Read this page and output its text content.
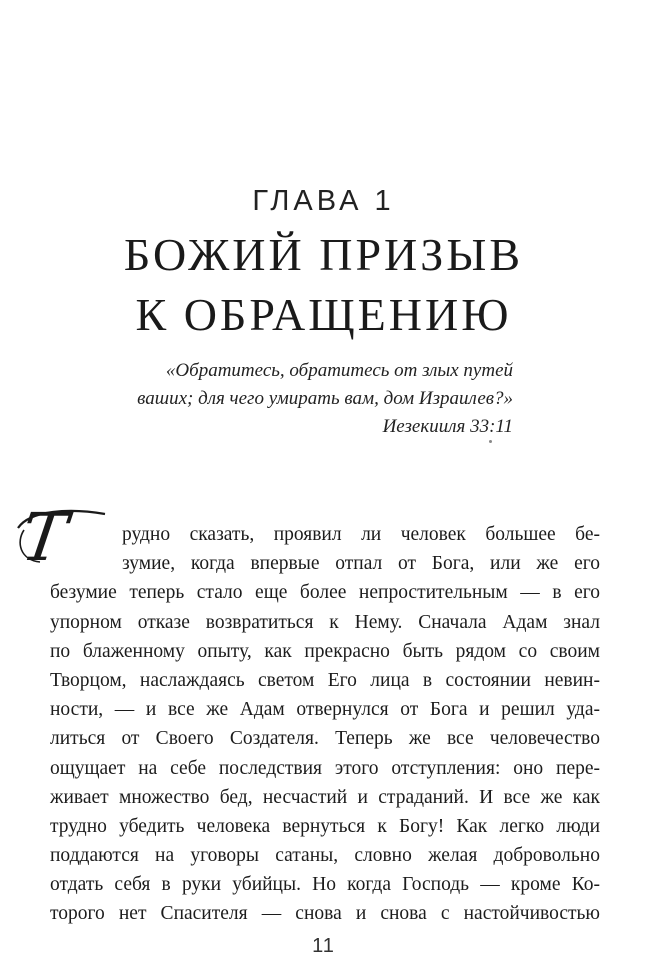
ГЛАВА 1
БОЖИЙ ПРИЗЫВ
К ОБРАЩЕНИЮ
«Обратитесь, обратитесь от злых путей
ваших; для чего умирать вам, дом Израилев?»
Иезекииля 33:11
Т	рудно сказать, проявил ли человек большее бе-
зумие, когда впервые отпал от Бога, или же его
безумие теперь стало еще более непростительным — в его
упорном отказе возвратиться к Нему. Сначала Адам знал
по блаженному опыту, как прекрасно быть рядом со своим
Творцом, наслаждаясь светом Его лица в состоянии невин-
ности, — и все же Адам отвернулся от Бога и решил уда-
литься от Своего Создателя. Теперь же все человечество
ощущает на себе последствия этого отступления: оно пере-
живает множество бед, несчастий и страданий. И все же как
трудно убедить человека вернуться к Богу! Как легко люди
поддаются на уговоры сатаны, словно желая добровольно
отдать себя в руки убийцы. Но когда Господь — кроме Ко-
торого нет Спасителя — снова и снова с настойчивостью
11
